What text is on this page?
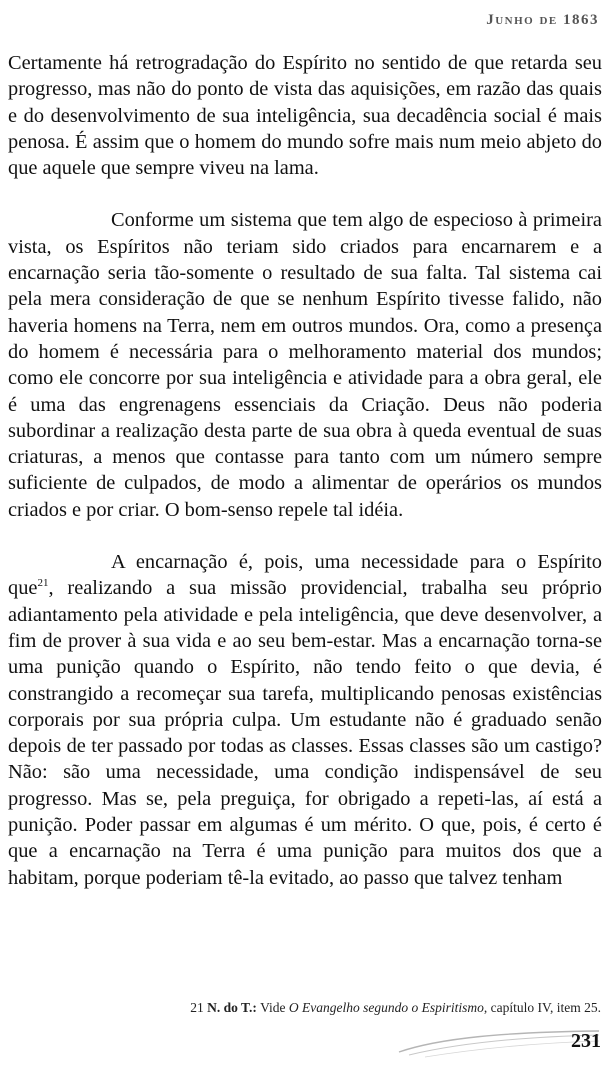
Junho de 1863

Certamente há retrogradação do Espírito no sentido de que retarda seu progresso, mas não do ponto de vista das aquisições, em razão das quais e do desenvolvimento de sua inteligência, sua decadência social é mais penosa. É assim que o homem do mundo sofre mais num meio abjeto do que aquele que sempre viveu na lama.

Conforme um sistema que tem algo de especioso à primeira vista, os Espíritos não teriam sido criados para encarnarem e a encarnação seria tão-somente o resultado de sua falta. Tal sistema cai pela mera consideração de que se nenhum Espírito tivesse falido, não haveria homens na Terra, nem em outros mundos. Ora, como a presença do homem é necessária para o melhoramento material dos mundos; como ele concorre por sua inteligência e atividade para a obra geral, ele é uma das engrenagens essenciais da Criação. Deus não poderia subordinar a realização desta parte de sua obra à queda eventual de suas criaturas, a menos que contasse para tanto com um número sempre suficiente de culpados, de modo a alimentar de operários os mundos criados e por criar. O bom-senso repele tal idéia.

A encarnação é, pois, uma necessidade para o Espírito que$^{21}$, realizando a sua missão providencial, trabalha seu próprio adiantamento pela atividade e pela inteligência, que deve desenvolver, a fim de prover à sua vida e ao seu bem-estar. Mas a encarnação torna-se uma punição quando o Espírito, não tendo feito o que devia, é constrangido a recomeçar sua tarefa, multiplicando penosas existências corporais por sua própria culpa. Um estudante não é graduado senão depois de ter passado por todas as classes. Essas classes são um castigo? Não: são uma necessidade, uma condição indispensável de seu progresso. Mas se, pela preguiça, for obrigado a repeti-las, aí está a punição. Poder passar em algumas é um mérito. O que, pois, é certo é que a encarnação na Terra é uma punição para muitos dos que a habitam, porque poderiam tê-la evitado, ao passo que talvez tenham

21 N. do T.: Vide O Evangelho segundo o Espiritismo, capítulo IV, item 25.
231
